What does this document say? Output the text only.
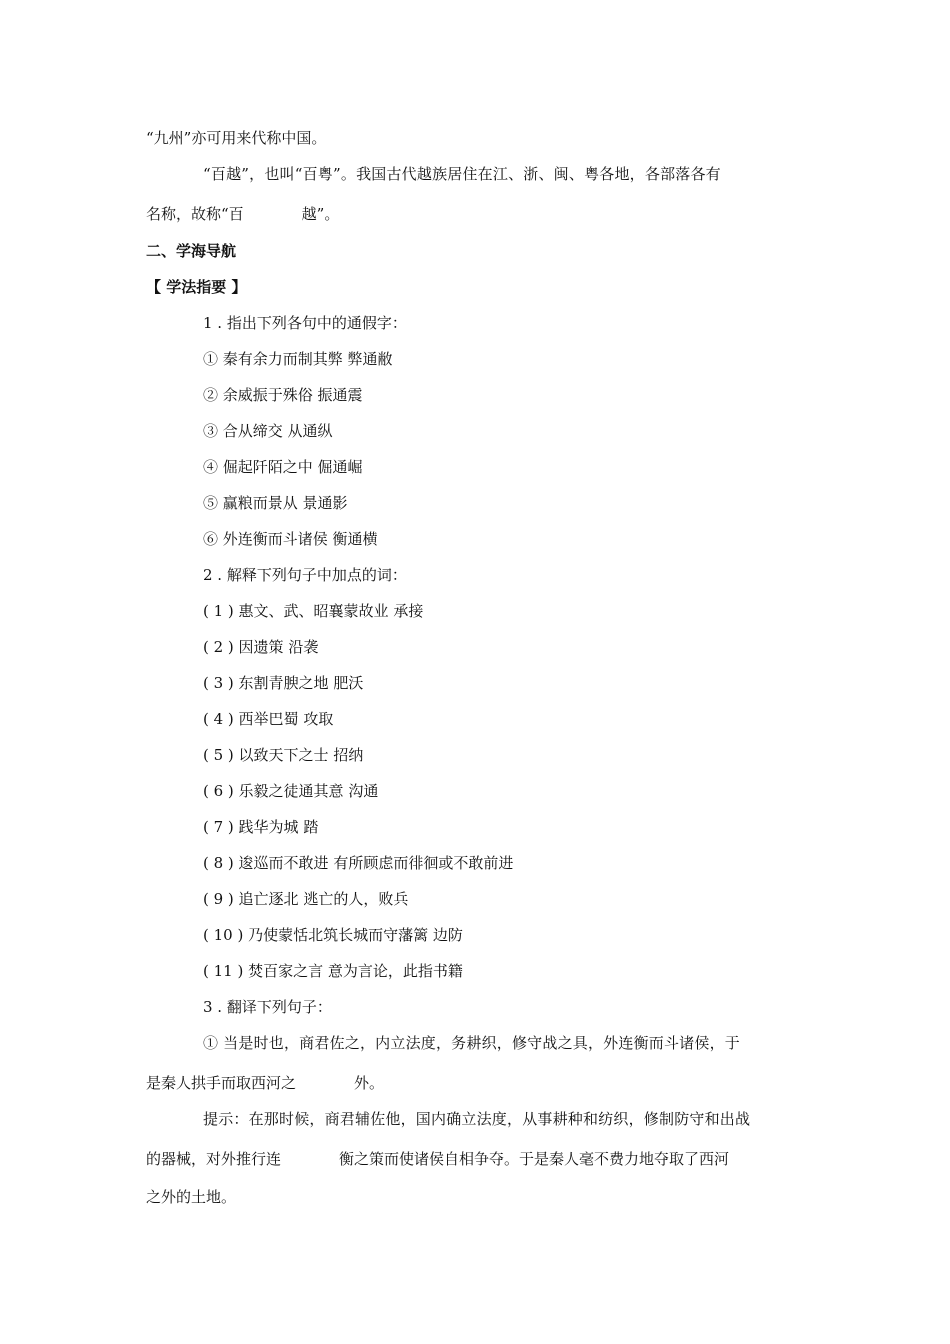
“九州”亦可用来代称中国。
“百越”，也叫“百粤”。我国古代越族居住在江、浙、闽、粤各地，各部落各有
名称，故称“百	越”。
二、学海导航
【 学法指要 】
1 . 指出下列各句中的通假字：
① 秦有余力而制其弊 弊通敝
② 余威振于殊俗 振通震
③ 合从缔交 从通纵
④ 倔起阡陌之中 倔通崛
⑤ 赢粮而景从 景通影
⑥ 外连衡而斗诸侯 衡通横
2 . 解释下列句子中加点的词：
( 1 ) 惠文、武、昭襄蒙故业 承接
( 2 ) 因遗策 沿袭
( 3 ) 东割青腴之地 肥沃
( 4 ) 西举巴蜀 攻取
( 5 ) 以致天下之士 招纳
( 6 ) 乐毅之徒通其意 沟通
( 7 ) 践华为城 踏
( 8 ) 逡巡而不敢进 有所顾虑而徘徊或不敢前进
( 9 ) 追亡逐北 逃亡的人，败兵
( 10 ) 乃使蒙恬北筑长城而守藩篱 边防
( 11 ) 焚百家之言 意为言论，此指书籍
3 . 翻译下列句子：
① 当是时也，商君佐之，内立法度，务耕织，修守战之具，外连衡而斗诸侯，于
是秦人拱手而取西河之	外。
提示：在那时候，商君辅佐他，国内确立法度，从事耕种和纺织，修制防守和出战
的器械，对外推行连	衡之策而使诸侯自相争夺。于是秦人毫不费力地夺取了西河
之外的土地。
